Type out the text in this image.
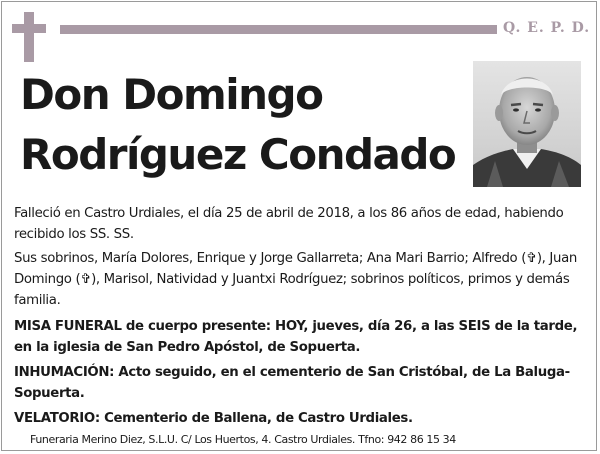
Q. E. P. D.
Don Domingo
Rodríguez Condado
Falleció en Castro Urdiales, el día 25 de abril de 2018, a los 86 años de edad, habiendo recibido los SS. SS.
Sus sobrinos, María Dolores, Enrique y Jorge Gallarreta; Ana Mari Barrio; Alfredo (✞), Juan Domingo (✞), Marisol, Natividad y Juantxi Rodríguez; sobrinos políticos, primos y demás familia.
MISA FUNERAL de cuerpo presente: HOY, jueves, día 26, a las SEIS de la tarde, en la iglesia de San Pedro Apóstol, de Sopuerta.
INHUMACIÓN: Acto seguido, en el cementerio de San Cristóbal, de La Baluga-Sopuerta.
VELATORIO: Cementerio de Ballena, de Castro Urdiales.
Funeraria Merino Diez, S.L.U. C/ Los Huertos, 4. Castro Urdiales. Tfno: 942 86 15 34
